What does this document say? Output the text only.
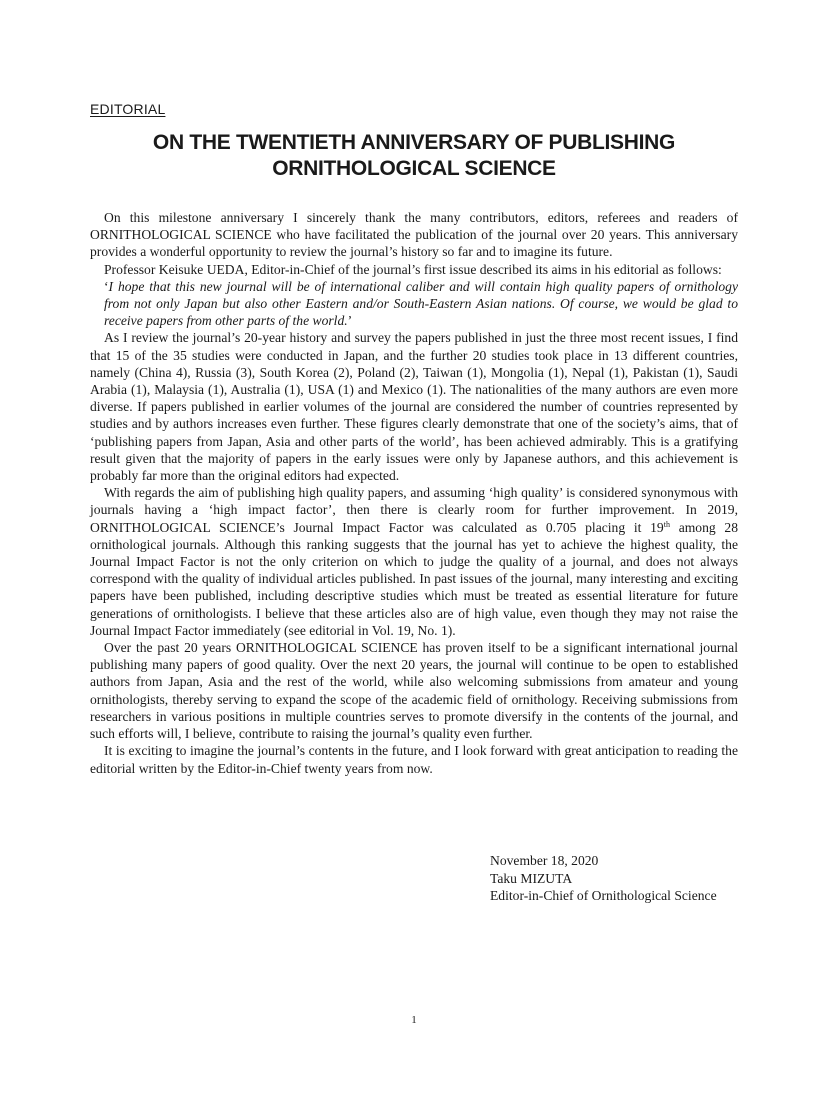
EDITORIAL
ON THE TWENTIETH ANNIVERSARY OF PUBLISHING
ORNITHOLOGICAL SCIENCE

On this milestone anniversary I sincerely thank the many contributors, editors, referees and readers of ORNITHOLOGICAL SCIENCE who have facilitated the publication of the journal over 20 years. This anniversary provides a wonderful opportunity to review the journal’s history so far and to imagine its future.

Professor Keisuke UEDA, Editor-in-Chief of the journal’s first issue described its aims in his editorial as follows:

‘I hope that this new journal will be of international caliber and will contain high quality papers of ornithology from not only Japan but also other Eastern and/or South-Eastern Asian nations. Of course, we would be glad to receive papers from other parts of the world.’

As I review the journal’s 20-year history and survey the papers published in just the three most recent issues, I find that 15 of the 35 studies were conducted in Japan, and the further 20 studies took place in 13 different countries, namely (China 4), Russia (3), South Korea (2), Poland (2), Taiwan (1), Mongolia (1), Nepal (1), Pakistan (1), Saudi Arabia (1), Malaysia (1), Australia (1), USA (1) and Mexico (1). The nationalities of the many authors are even more diverse. If papers published in earlier volumes of the journal are considered the number of countries represented by studies and by authors increases even further. These figures clearly demonstrate that one of the society’s aims, that of ‘publishing papers from Japan, Asia and other parts of the world’, has been achieved admirably. This is a gratifying result given that the majority of papers in the early issues were only by Japanese authors, and this achievement is probably far more than the original editors had expected.

With regards the aim of publishing high quality papers, and assuming ‘high quality’ is considered synonymous with journals having a ‘high impact factor’, then there is clearly room for further improvement. In 2019, ORNITHOLOGICAL SCIENCE’s Journal Impact Factor was calculated as 0.705 placing it 19th among 28 ornithological journals. Although this ranking suggests that the journal has yet to achieve the highest quality, the Journal Impact Factor is not the only criterion on which to judge the quality of a journal, and does not always correspond with the quality of individual articles published. In past issues of the journal, many interesting and exciting papers have been published, including descriptive studies which must be treated as essential literature for future generations of ornithologists. I believe that these articles also are of high value, even though they may not raise the Journal Impact Factor immediately (see editorial in Vol. 19, No. 1).

Over the past 20 years ORNITHOLOGICAL SCIENCE has proven itself to be a significant international journal publishing many papers of good quality. Over the next 20 years, the journal will continue to be open to established authors from Japan, Asia and the rest of the world, while also welcoming submissions from amateur and young ornithologists, thereby serving to expand the scope of the academic field of ornithology. Receiving submissions from researchers in various positions in multiple countries serves to promote diversify in the contents of the journal, and such efforts will, I believe, contribute to raising the journal’s quality even further.

It is exciting to imagine the journal’s contents in the future, and I look forward with great anticipation to reading the editorial written by the Editor-in-Chief twenty years from now.

November 18, 2020
Taku MIZUTA
Editor-in-Chief of Ornithological Science
1
